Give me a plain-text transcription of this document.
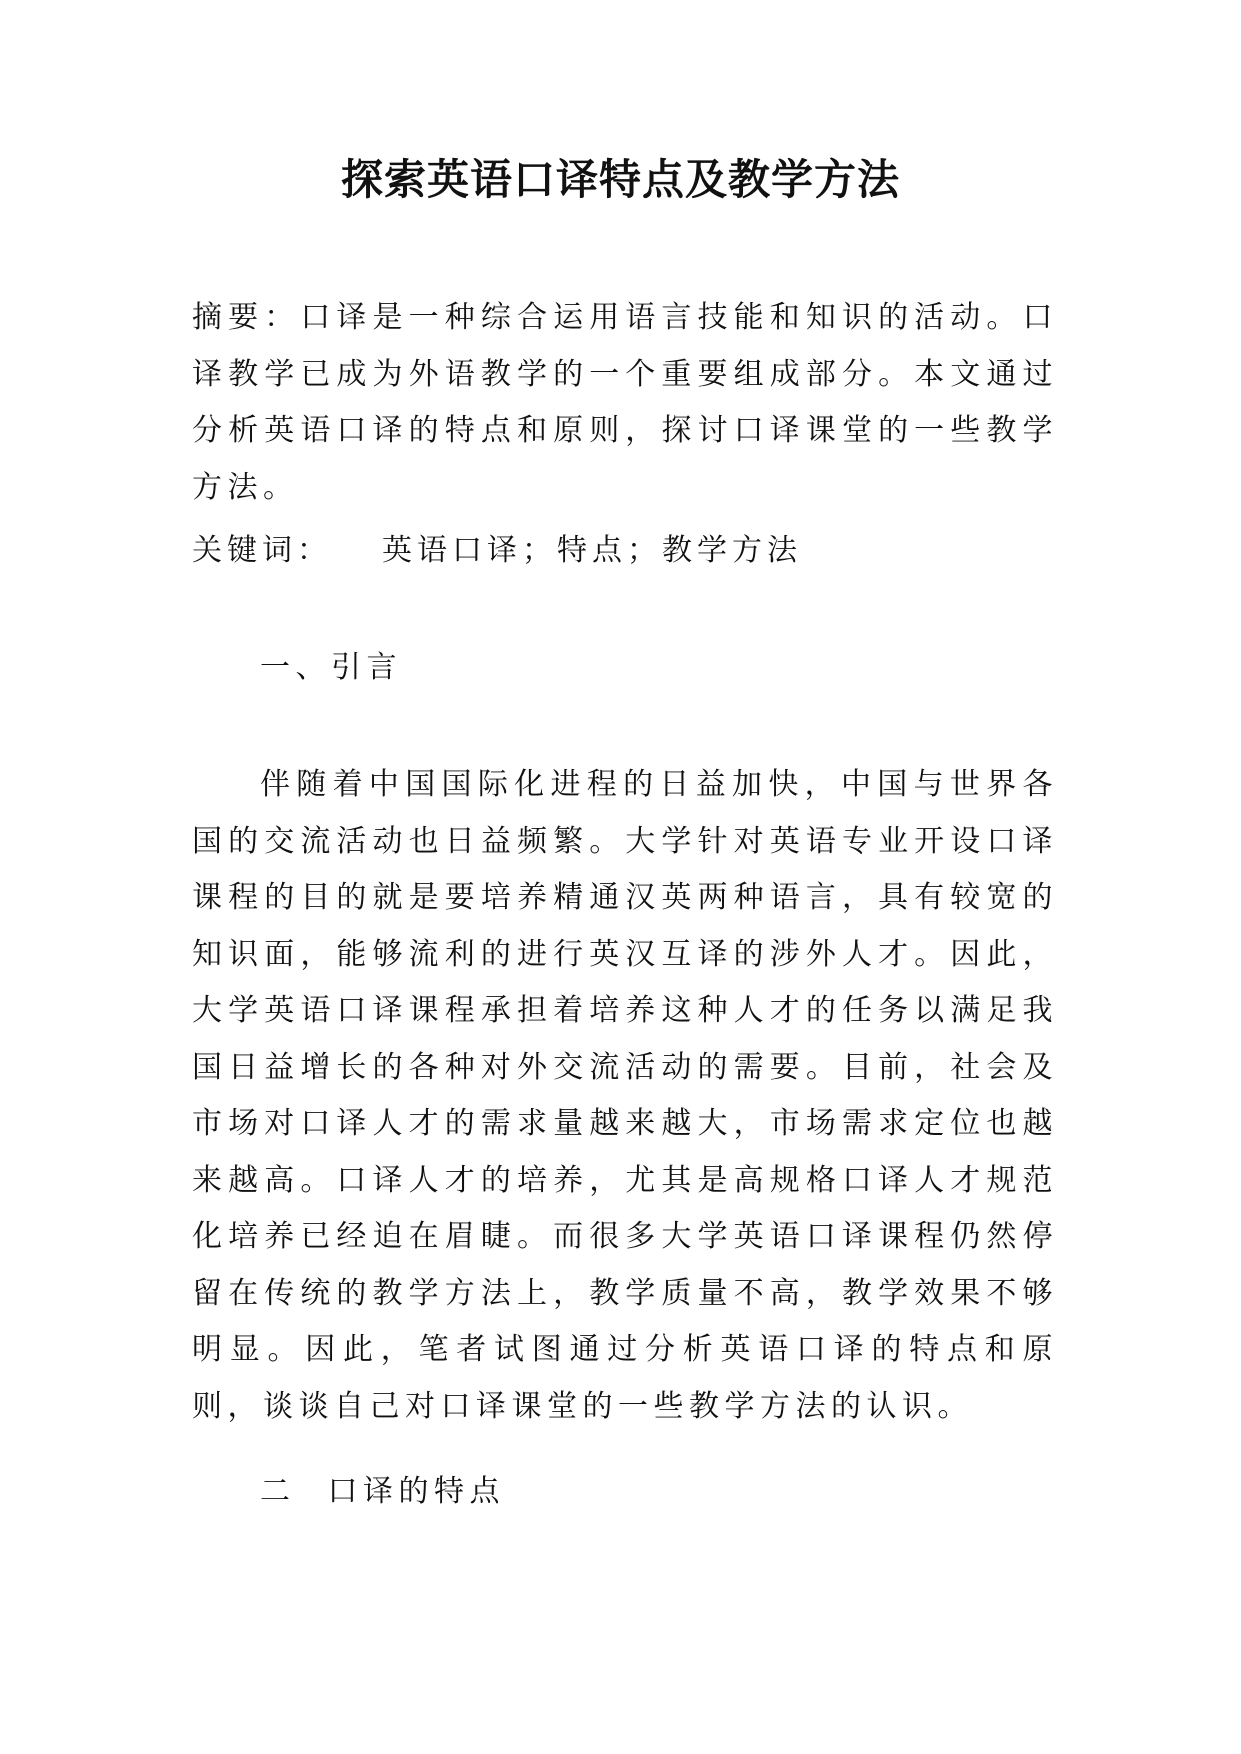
探索英语口译特点及教学方法

摘要：口译是一种综合运用语言技能和知识的活动。口译教学已成为外语教学的一个重要组成部分。本文通过分析英语口译的特点和原则，探讨口译课堂的一些教学方法。

关键词： 英语口译；特点；教学方法

一、引言

伴随着中国国际化进程的日益加快，中国与世界各国的交流活动也日益频繁。大学针对英语专业开设口译课程的目的就是要培养精通汉英两种语言，具有较宽的知识面，能够流利的进行英汉互译的涉外人才。因此，大学英语口译课程承担着培养这种人才的任务以满足我国日益增长的各种对外交流活动的需要。目前，社会及市场对口译人才的需求量越来越大，市场需求定位也越来越高。口译人才的培养，尤其是高规格口译人才规范化培养已经迫在眉睫。而很多大学英语口译课程仍然停留在传统的教学方法上，教学质量不高，教学效果不够明显。因此，笔者试图通过分析英语口译的特点和原则，谈谈自己对口译课堂的一些教学方法的认识。

二 口译的特点
